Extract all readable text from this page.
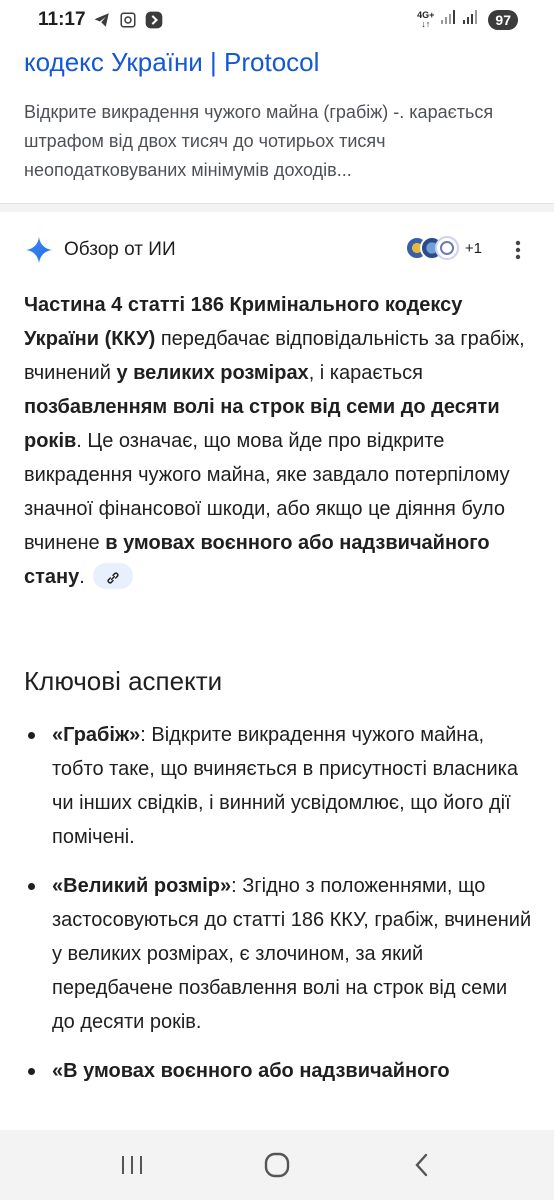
11:17	4G+
↓↑	97
кодекс України | Protocol
Відкрите викрадення чужого майна (грабіж) -. карається штрафом від двох тисяч до чотирьох тисяч неоподатковуваних мінімумів доходів...
Обзор от ИИ	+1
Частина 4 статті 186 Кримінального кодексу України (ККУ) передбачає відповідальність за грабіж, вчинений у великих розмірах, і карається позбавленням волі на строк від семи до десяти років. Це означає, що мова йде про відкрите викрадення чужого майна, яке завдало потерпілому значної фінансової шкоди, або якщо це діяння було вчинене в умовах воєнного або надзвичайного стану.
Ключові аспекти
«Грабіж»: Відкрите викрадення чужого майна, тобто таке, що вчиняється в присутності власника чи інших свідків, і винний усвідомлює, що його дії помічені.
«Великий розмір»: Згідно з положеннями, що застосовуються до статті 186 ККУ, грабіж, вчинений у великих розмірах, є злочином, за який передбачене позбавлення волі на строк від семи до десяти років.
«В умовах воєнного або надзвичайного
